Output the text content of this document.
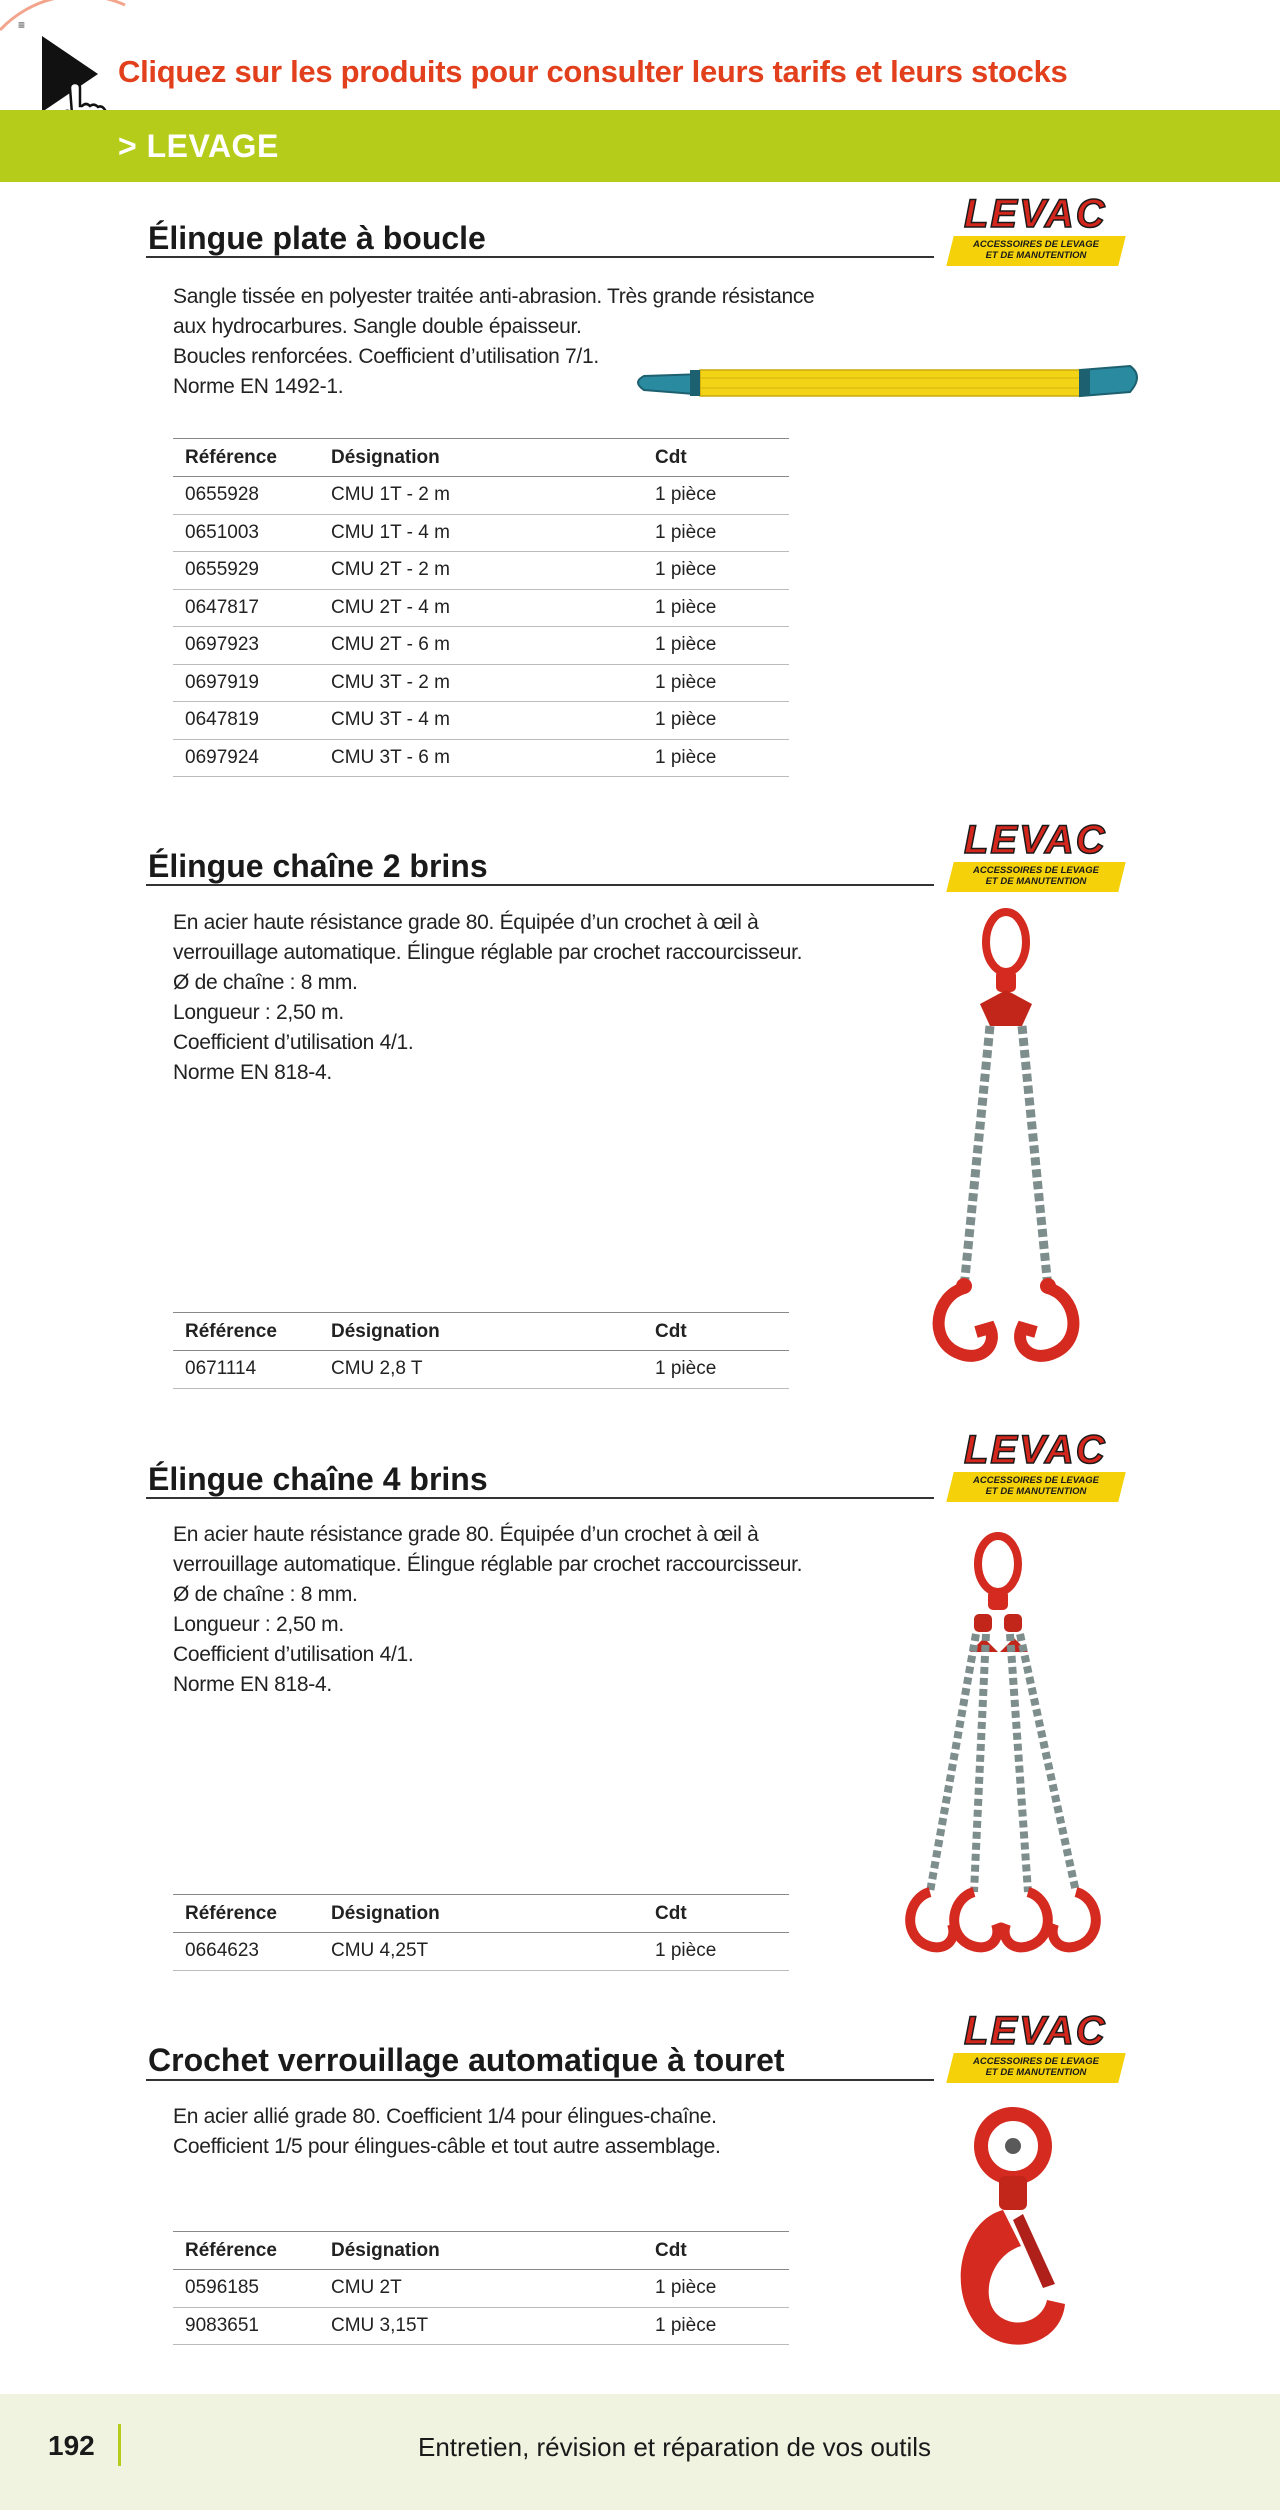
≡
Cliquez sur les produits pour consulter leurs tarifs et leurs stocks
> LEVAGE
Élingue plate à boucle
LEVAC
ACCESSOIRES DE LEVAGE
ET DE MANUTENTION

Sangle tissée en polyester traitée anti-abrasion. Très grande résistance

aux hydrocarbures. Sangle double épaisseur.

Boucles renforcées. Coefficient d’utilisation 7/1.

Norme EN 1492-1.

Référence	Désignation	Cdt
0655928	CMU 1T - 2 m	1 pièce
0651003	CMU 1T - 4 m	1 pièce
0655929	CMU 2T - 2 m	1 pièce
0647817	CMU 2T - 4 m	1 pièce
0697923	CMU 2T - 6 m	1 pièce
0697919	CMU 3T - 2 m	1 pièce
0647819	CMU 3T - 4 m	1 pièce
0697924	CMU 3T - 6 m	1 pièce
Élingue chaîne 2 brins
LEVAC
ACCESSOIRES DE LEVAGE
ET DE MANUTENTION

En acier haute résistance grade 80. Équipée d’un crochet à œil à

verrouillage automatique. Élingue réglable par crochet raccourcisseur.

Ø de chaîne : 8 mm.

Longueur : 2,50 m.

Coefficient d’utilisation 4/1.

Norme EN 818-4.

Référence	Désignation	Cdt
0671114	CMU 2,8 T	1 pièce
Élingue chaîne 4 brins
LEVAC
ACCESSOIRES DE LEVAGE
ET DE MANUTENTION

En acier haute résistance grade 80. Équipée d’un crochet à œil à

verrouillage automatique. Élingue réglable par crochet raccourcisseur.

Ø de chaîne : 8 mm.

Longueur : 2,50 m.

Coefficient d’utilisation 4/1.

Norme EN 818-4.

Référence	Désignation	Cdt
0664623	CMU 4,25T	1 pièce
Crochet verrouillage automatique à touret
LEVAC
ACCESSOIRES DE LEVAGE
ET DE MANUTENTION

En acier allié grade 80. Coefficient 1/4 pour élingues-chaîne.

Coefficient 1/5 pour élingues-câble et tout autre assemblage.

Référence	Désignation	Cdt
0596185	CMU 2T	1 pièce
9083651	CMU 3,15T	1 pièce
192	Entretien, révision et réparation de vos outils
